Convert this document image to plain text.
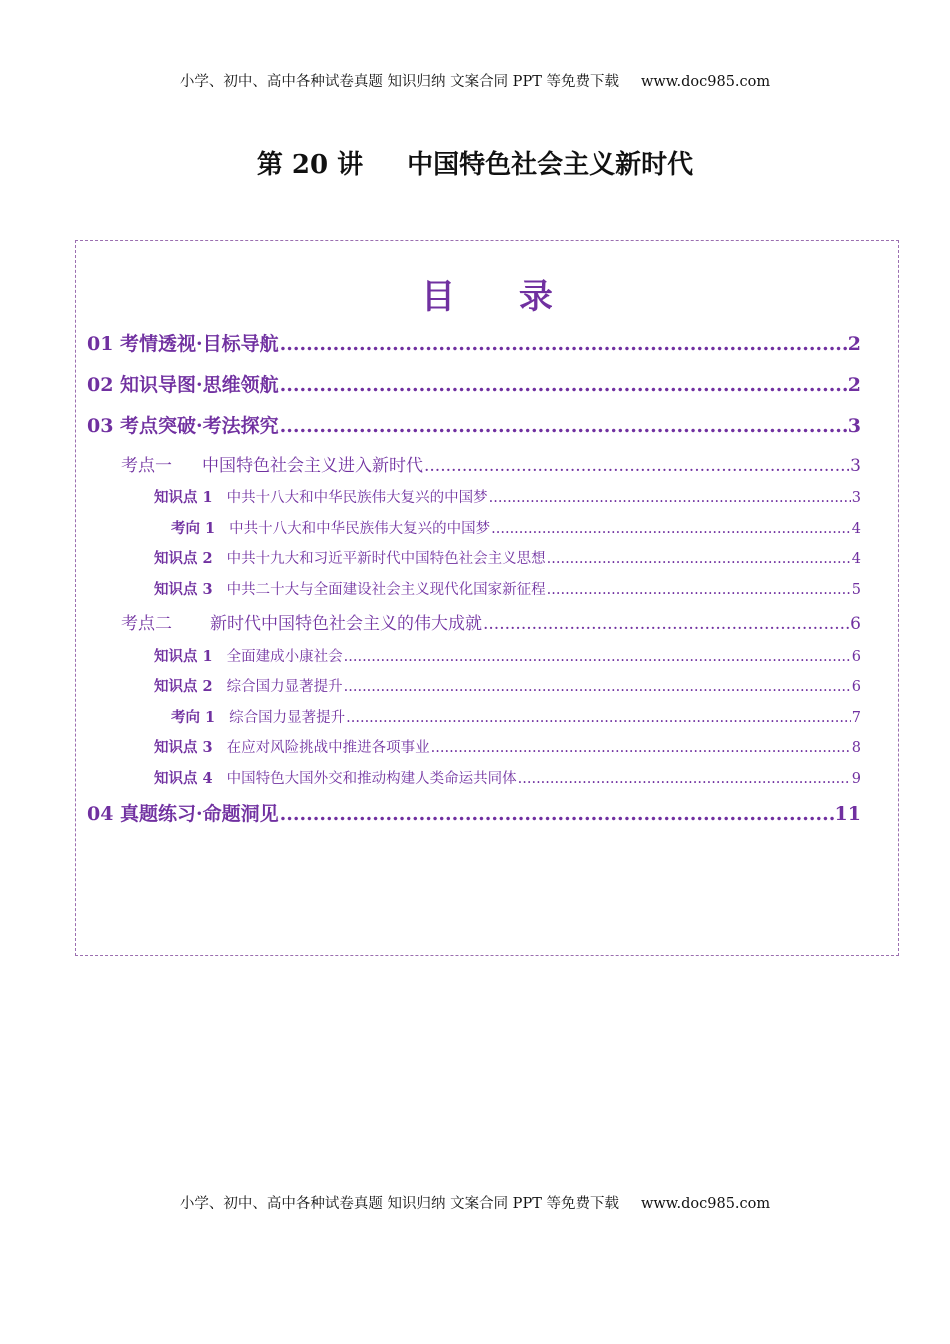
小学、初中、高中各种试卷真题 知识归纳 文案合同 PPT 等免费下载 www.doc985.com
第 20 讲 中国特色社会主义新时代
目 录
01 考情透视·目标导航 .....	2
02 知识导图·思维领航 .....	2
03 考点突破·考法探究 .....	3
考点一 中国特色社会主义进入新时代 .....	3
知识点 1 中共十八大和中华民族伟大复兴的中国梦 .....	3
考向 1 中共十八大和中华民族伟大复兴的中国梦 .....	4
知识点 2 中共十九大和习近平新时代中国特色社会主义思想 .....	4
知识点 3 中共二十大与全面建设社会主义现代化国家新征程 .....	5
考点二 新时代中国特色社会主义的伟大成就 .....	6
知识点 1 全面建成小康社会 .....	6
知识点 2 综合国力显著提升 .....	6
考向 1 综合国力显著提升 .....	7
知识点 3 在应对风险挑战中推进各项事业 .....	8
知识点 4 中国特色大国外交和推动构建人类命运共同体 .....	9
04 真题练习·命题洞见 .....	11
小学、初中、高中各种试卷真题 知识归纳 文案合同 PPT 等免费下载 www.doc985.com
